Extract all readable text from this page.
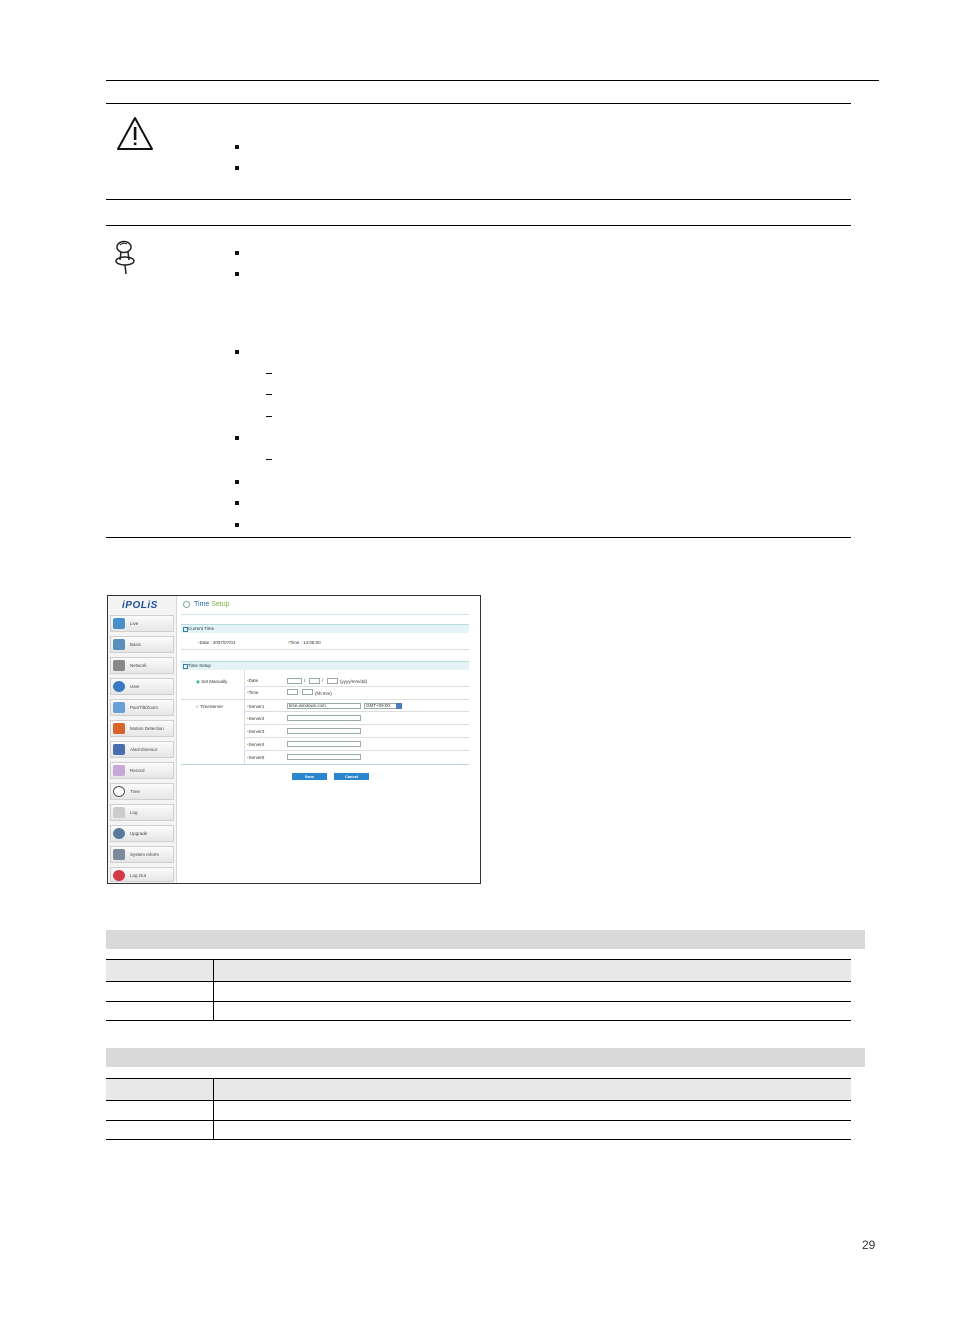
iPOLiS
Live
Basic
Network
User
Pan/Tilt/Zoom
Motion Detection
Alarm/Sensor
Record
Time
Log
Upgrade
System Inform
Log Out
Time Setup
Current Time
•Date : 2007/07/01	•Time : 14:08:00
Time Setup
◉ Set Manually
○ TimeServer
•Date	/	/	(yyyy/mm/dd)
•Time	:	(hh:mm)
•Server1	time.windows.com	GMT+09:00
•Server2
•Server3
•Server4
•Server5
Save	Cancel
29
